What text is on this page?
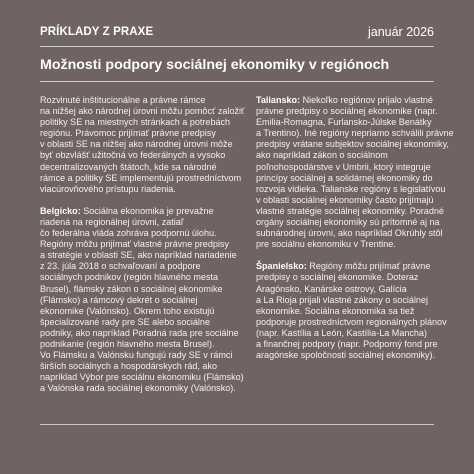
PRÍKLADY Z PRAXE	január 2026
Možnosti podpory sociálnej ekonomiky v regiónoch
Rozvinuté inštitucionálne a právne rámce
na nižšej ako národnej úrovni môžu pomôcť založiť
politiky SE na miestnych stránkach a potrebách
regiónu. Právomoc prijímať právne predpisy
v oblasti SE na nižšej ako národnej úrovni môže
byť obzvlášť užitočná vo federálnych a vysoko
decentralizovaných štátoch, kde sa národné
rámce a politiky SE implementujú prostredníctvom
viacúrovňového prístupu riadenia.
Belgicko: Sociálna ekonomika je prevažne
riadená na regionálnej úrovni, zatiaľ
čo federálna vláda zohráva podpornú úlohu.
Regióny môžu prijímať vlastné právne predpisy
a stratégie v oblasti SE, ako napríklad nariadenie
z 23. júla 2018 o schvaľovaní a podpore
sociálnych podnikov (región hlavného mesta
Brusel), flámsky zákon o sociálnej ekonomike
(Flámsko) a rámcový dekrét o sociálnej
ekonomike (Valónsko). Okrem toho existujú
špecializované rady pre SE alebo sociálne
podniky, ako napríklad Poradná rada pre sociálne
podnikanie (región hlavného mesta Brusel).
Vo Flámsku a Valónsku fungujú rady SE v rámci
širších sociálnych a hospodárskych rád, ako
napríklad Výbor pre sociálnu ekonomiku (Flámsko)
a Valónska rada sociálnej ekonomiky (Valónsko).
Taliansko: Niekoľko regiónov prijalo vlastné
právne predpisy o sociálnej ekonomike (napr.
Emilia-Romagna, Furlansko-Júlske Benátky
a Trentino). Iné regióny nepriamo schválili právne
predpisy vrátane subjektov sociálnej ekonomiky,
ako napríklad zákon o sociálnom
poľnohospodárstve v Umbrii, ktorý integruje
princípy sociálnej a solidárnej ekonomiky do
rozvoja vidieka. Talianske regióny s legislatívou
v oblasti sociálnej ekonomiky často prijímajú
vlastné stratégie sociálnej ekonomiky. Poradné
orgány sociálnej ekonomiky sú prítomné aj na
subnárodnej úrovni, ako napríklad Okrúhly stôl
pre sociálnu ekonomiku v Trentine.
Španielsko: Regióny môžu prijímať právne
predpisy o sociálnej ekonomike. Doteraz
Aragónsko, Kanárske ostrovy, Galícia
a La Rioja prijali vlastné zákony o sociálnej
ekonomike. Sociálna ekonomika sa tiež
podporuje prostredníctvom regionálnych plánov
(napr. Kastília a León, Kastília-La Mancha)
a finančnej podpory (napr. Podporný fond pre
aragónske spoločnosti sociálnej ekonomiky).
